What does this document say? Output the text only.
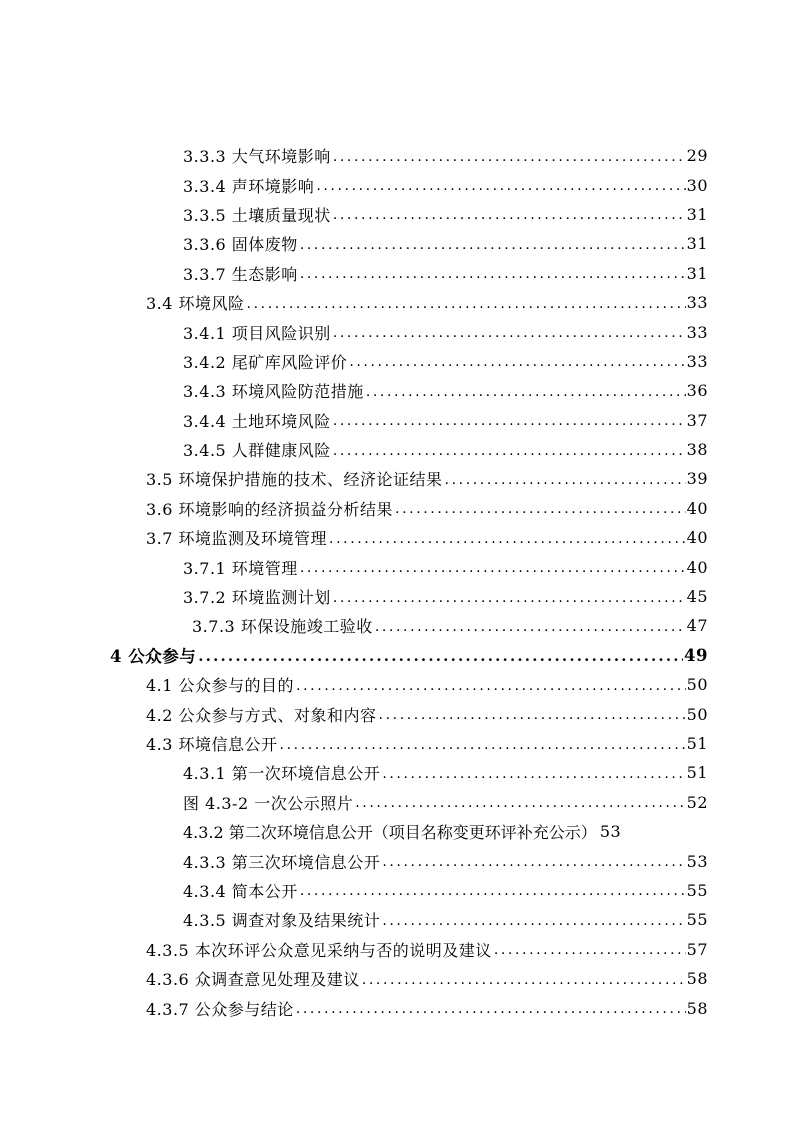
3.3.3 大气环境影响 .....	29
3.3.4 声环境影响 .....	30
3.3.5 土壤质量现状 .....	31
3.3.6 固体废物 .....	31
3.3.7 生态影响 .....	31
3.4 环境风险 .....	33
3.4.1 项目风险识别 .....	33
3.4.2 尾矿库风险评价 .....	33
3.4.3 环境风险防范措施 .....	36
3.4.4 土地环境风险 .....	37
3.4.5 人群健康风险 .....	38
3.5 环境保护措施的技术、经济论证结果 .....	39
3.6 环境影响的经济损益分析结果 .....	40
3.7 环境监测及环境管理 .....	40
3.7.1 环境管理 .....	40
3.7.2 环境监测计划 .....	45
3.7.3 环保设施竣工验收 .....	47
4 公众参与 .....	49
4.1 公众参与的目的 .....	50
4.2 公众参与方式、对象和内容 .....	50
4.3 环境信息公开 .....	51
4.3.1 第一次环境信息公开 .....	51
图 4.3-2 一次公示照片 .....	52
4.3.2 第二次环境信息公开（项目名称变更环评补充公示） 53
4.3.3 第三次环境信息公开 .....	53
4.3.4 简本公开 .....	55
4.3.5 调查对象及结果统计 .....	55
4.3.5 本次环评公众意见采纳与否的说明及建议 .....	57
4.3.6 众调查意见处理及建议 .....	58
4.3.7 公众参与结论 .....	58
